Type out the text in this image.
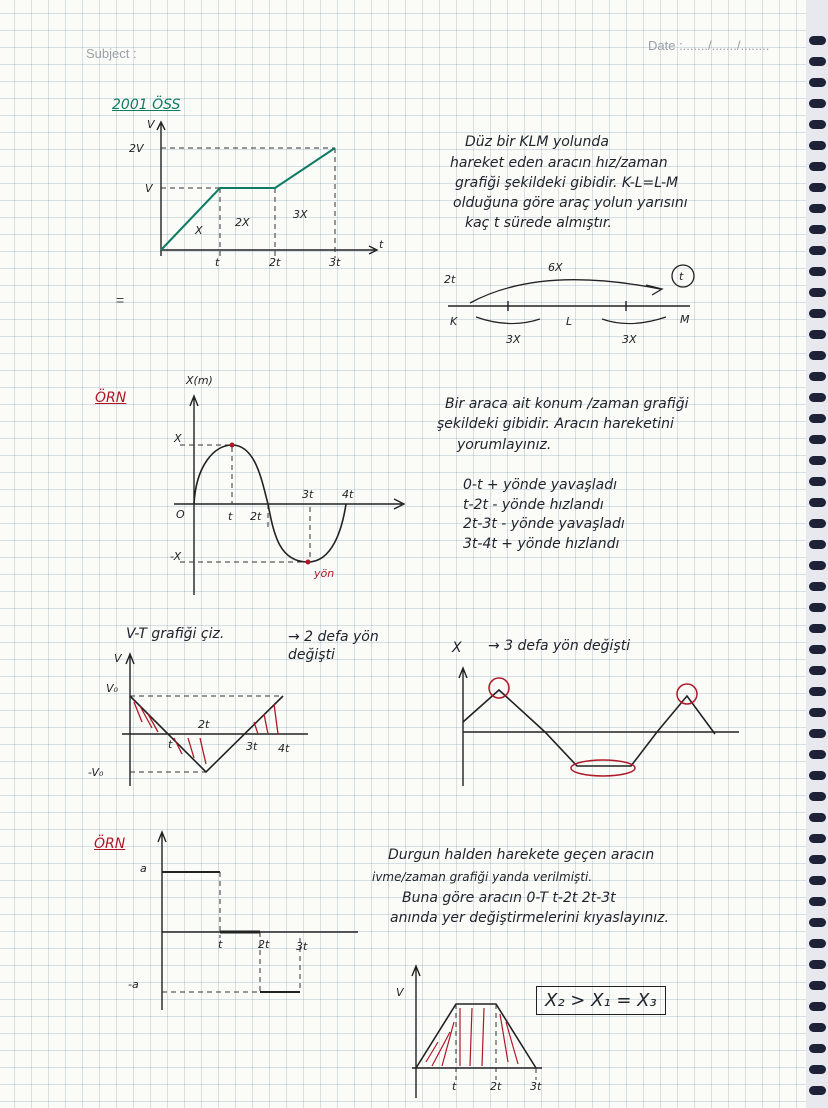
Subject :
Date :......./......./........
2001 ÖSS
V
2V
V
t
t	2t	3t
X
2X
3X
Düz bir KLM yolunda
hareket eden aracın hız/zaman
grafiği şekildeki gibidir. K-L=L-M
olduğuna göre araç yolun yarısını
kaç t sürede almıştır.
6X
2t	t
K	L	M
3X	3X
ÖRN
X(m)
X
-X
O	t 2t
3t	4t
yön
Bir araca ait konum /zaman grafiği
şekildeki gibidir. Aracın hareketini
yorumlayınız.
0-t + yönde yavaşladı
t-2t - yönde hızlandı
2t-3t - yönde yavaşladı
3t-4t + yönde hızlandı
V-T grafiği çiz.	→ 2 defa yön değişti
V
V₀
-V₀
t
2t
3t 4t
X → 3 defa yön değişti
ÖRN
a
-a
t	2t 3t
Durgun halden harekete geçen aracın
ivme/zaman grafiği yanda verilmişti.
Buna göre aracın 0-T t-2t 2t-3t
anında yer değiştirmelerini kıyaslayınız.
V
t	2t	3t
X₂ > X₁ = X₃
=
